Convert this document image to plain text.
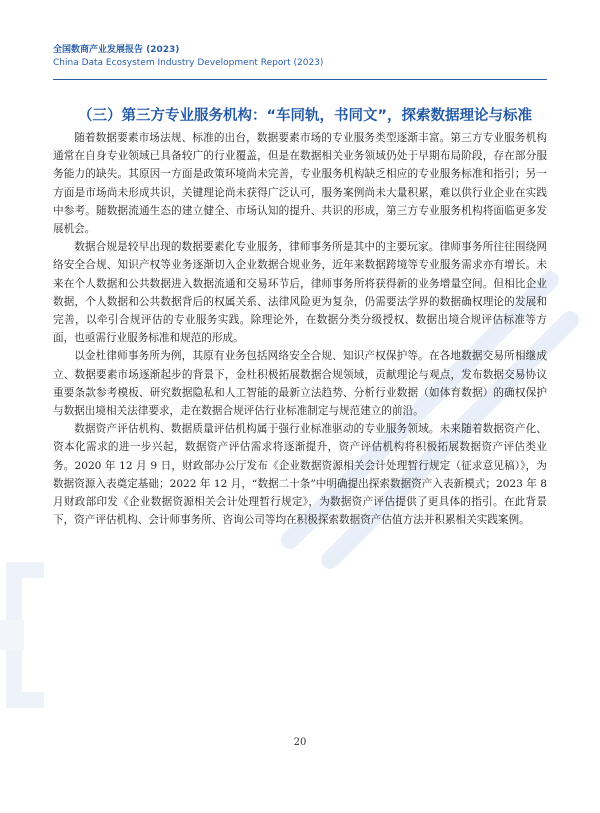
全国数商产业发展报告 (2023)
China Data Ecosystem Industry Development Report (2023)
（三）第三方专业服务机构：“车同轨，书同文”，探索数据理论与标准

随着数据要素市场法规、标准的出台，数据要素市场的专业服务类型逐渐丰富。第三方专业服务机构通常在自身专业领域已具备较广的行业覆盖，但是在数据相关业务领域仍处于早期布局阶段，存在部分服务能力的缺失。其原因一方面是政策环境尚未完善，专业服务机构缺乏相应的专业服务标准和指引；另一方面是市场尚未形成共识，关键理论尚未获得广泛认可，服务案例尚未大量积累，难以供行业企业在实践中参考。随数据流通生态的建立健全、市场认知的提升、共识的形成，第三方专业服务机构将面临更多发展机会。

数据合规是较早出现的数据要素化专业服务，律师事务所是其中的主要玩家。律师事务所往往围绕网络安全合规、知识产权等业务逐渐切入企业数据合规业务，近年来数据跨境等专业服务需求亦有增长。未来在个人数据和公共数据进入数据流通和交易环节后，律师事务所将获得新的业务增量空间。但相比企业数据，个人数据和公共数据背后的权属关系、法律风险更为复杂，仍需要法学界的数据确权理论的发展和完善，以牵引合规评估的专业服务实践。除理论外，在数据分类分级授权、数据出境合规评估标准等方面，也亟需行业服务标准和规范的形成。

以金杜律师事务所为例，其原有业务包括网络安全合规、知识产权保护等。在各地数据交易所相继成立、数据要素市场逐渐起步的背景下，金杜积极拓展数据合规领域，贡献理论与观点，发布数据交易协议重要条款参考模板、研究数据隐私和人工智能的最新立法趋势、分析行业数据（如体育数据）的确权保护与数据出境相关法律要求，走在数据合规评估行业标准制定与规范建立的前沿。

数据资产评估机构、数据质量评估机构属于强行业标准驱动的专业服务领域。未来随着数据资产化、资本化需求的进一步兴起，数据资产评估需求将逐渐提升，资产评估机构将积极拓展数据资产评估类业务。2020 年 12 月 9 日，财政部办公厅发布《企业数据资源相关会计处理暂行规定（征求意见稿）》，为数据资源入表奠定基础；2022 年 12 月，“数据二十条”中明确提出探索数据资产入表新模式；2023 年 8 月财政部印发《企业数据资源相关会计处理暂行规定》，为数据资产评估提供了更具体的指引。在此背景下，资产评估机构、会计师事务所、咨询公司等均在积极探索数据资产估值方法并积累相关实践案例。

20
